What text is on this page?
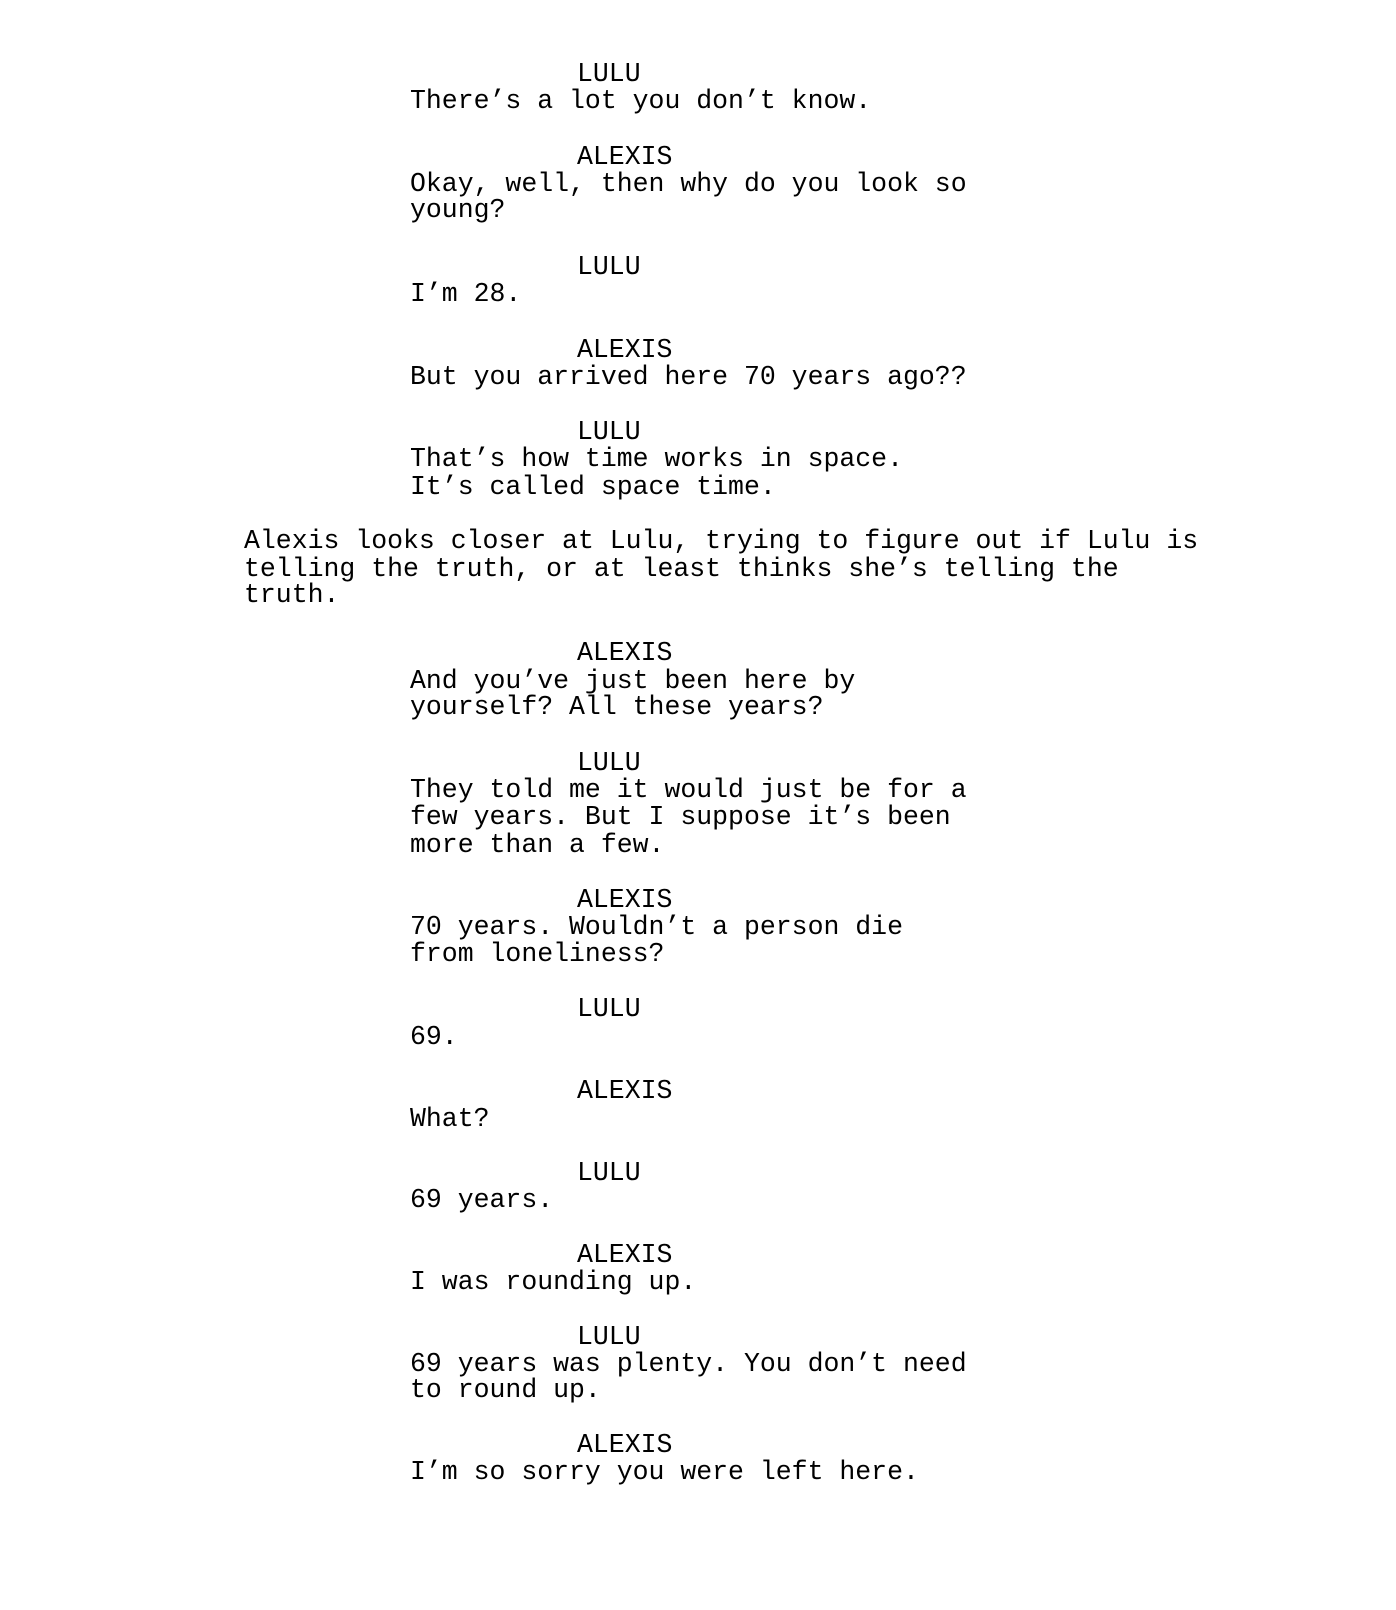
LULU
There’s a lot you don’t know.
ALEXIS
Okay, well, then why do you look so
young?
LULU
I’m 28.
ALEXIS
But you arrived here 70 years ago??
LULU
That’s how time works in space.
It’s called space time.
Alexis looks closer at Lulu, trying to figure out if Lulu is
telling the truth, or at least thinks she’s telling the
truth.
ALEXIS
And you’ve just been here by
yourself? All these years?
LULU
They told me it would just be for a
few years. But I suppose it’s been
more than a few.
ALEXIS
70 years. Wouldn’t a person die
from loneliness?
LULU
69.
ALEXIS
What?
LULU
69 years.
ALEXIS
I was rounding up.
LULU
69 years was plenty. You don’t need
to round up.
ALEXIS
I’m so sorry you were left here.
